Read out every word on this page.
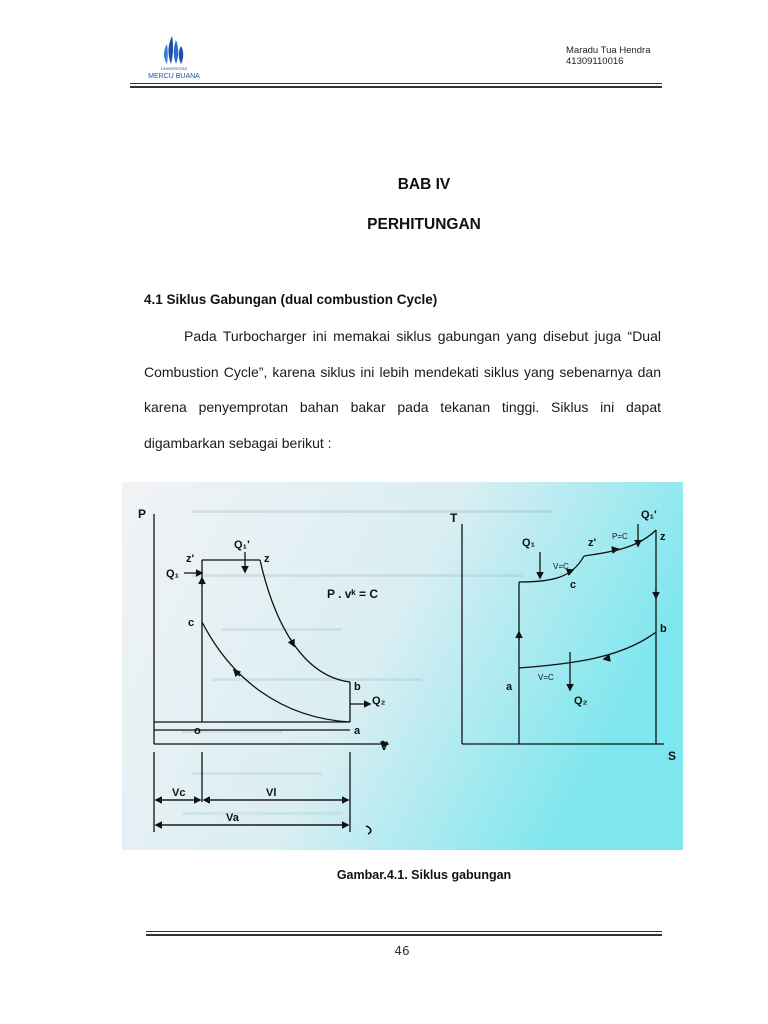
UNIVERSITAS
MERCU BUANA
Maradu Tua Hendra
41309110016
BAB IV
PERHITUNGAN
4.1 Siklus Gabungan (dual combustion Cycle)

Pada Turbocharger ini memakai siklus gabungan yang disebut juga “Dual Combustion Cycle”, karena siklus ini lebih mendekati siklus yang sebenarnya dan karena penyemprotan bahan bakar pada tekanan tinggi. Siklus ini dapat digambarkan sebagai berikut :

P
V
Q₁'
Q₁
Q₂
z'	z
c
b
a
o
P . vᵏ = C
Vc	Vl
Va
T
S
Q₁'
Q₁
Q₂
z'	z
c
b
a
P=C
V=C
V=C
Gambar.4.1. Siklus gabungan
46
